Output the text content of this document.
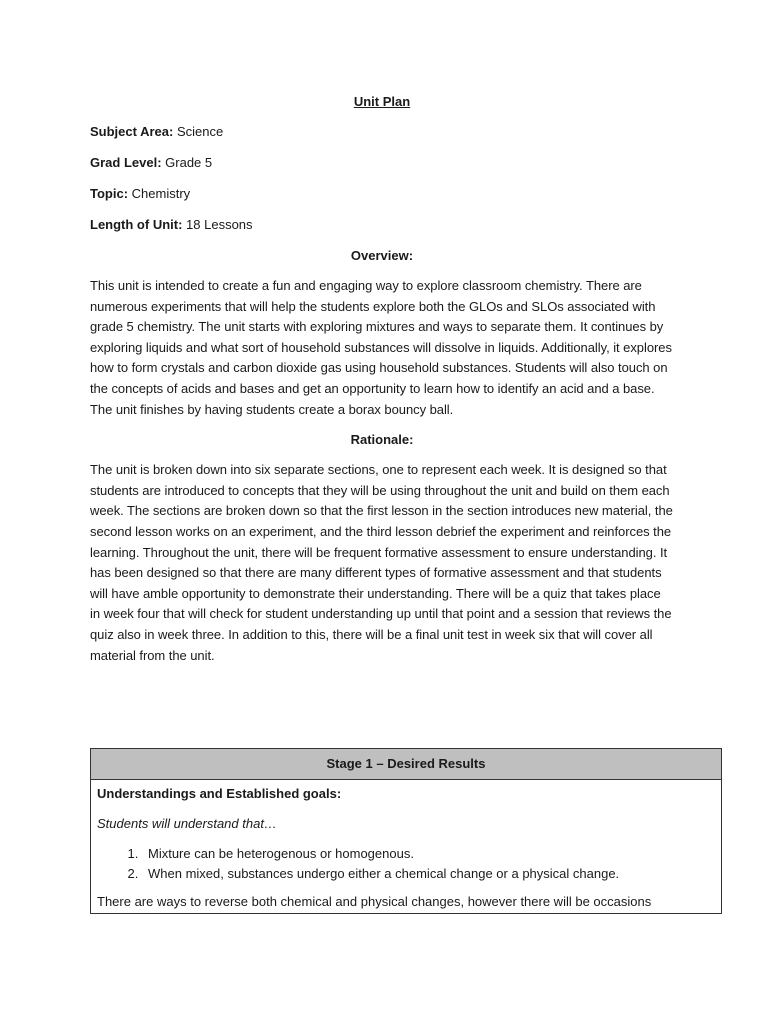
Unit Plan
Subject Area: Science
Grad Level: Grade 5
Topic: Chemistry
Length of Unit: 18 Lessons
Overview:

This unit is intended to create a fun and engaging way to explore classroom chemistry. There are numerous experiments that will help the students explore both the GLOs and SLOs associated with grade 5 chemistry. The unit starts with exploring mixtures and ways to separate them. It continues by exploring liquids and what sort of household substances will dissolve in liquids. Additionally, it explores how to form crystals and carbon dioxide gas using household substances. Students will also touch on the concepts of acids and bases and get an opportunity to learn how to identify an acid and a base. The unit finishes by having students create a borax bouncy ball.

Rationale:

The unit is broken down into six separate sections, one to represent each week. It is designed so that students are introduced to concepts that they will be using throughout the unit and build on them each week. The sections are broken down so that the first lesson in the section introduces new material, the second lesson works on an experiment, and the third lesson debrief the experiment and reinforces the learning. Throughout the unit, there will be frequent formative assessment to ensure understanding. It has been designed so that there are many different types of formative assessment and that students will have amble opportunity to demonstrate their understanding. There will be a quiz that takes place in week four that will check for student understanding up until that point and a session that reviews the quiz also in week three. In addition to this, there will be a final unit test in week six that will cover all material from the unit.

Stage 1 – Desired Results
Understandings and Established goals:
Students will understand that…
1. Mixture can be heterogenous or homogenous.
2. When mixed, substances undergo either a chemical change or a physical change.

There are ways to reverse both chemical and physical changes, however there will be occasions
